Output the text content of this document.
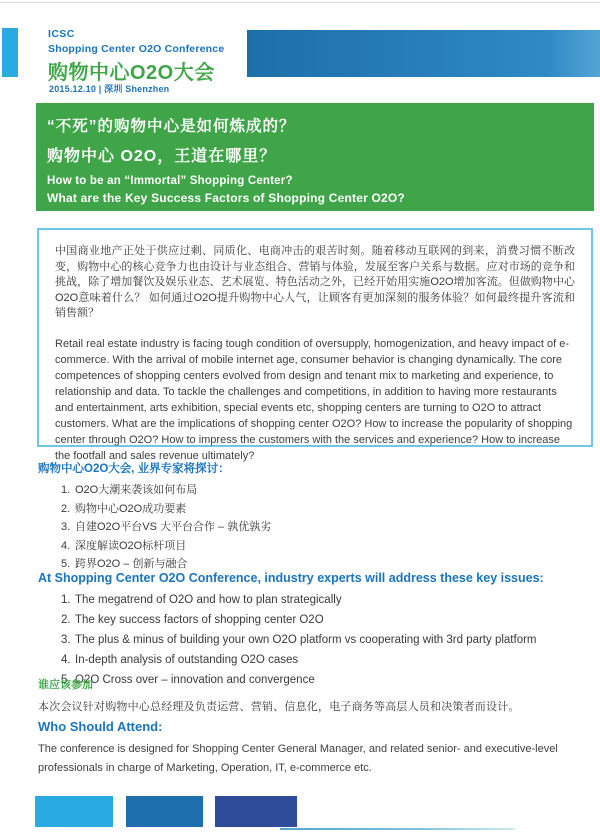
ICSC
Shopping Center O2O Conference
购物中心O2O大会
2015.12.10 | 深圳 Shenzhen
“不死”的购物中心是如何炼成的？
购物中心 O2O，王道在哪里？
How to be an “Immortal” Shopping Center?
What are the Key Success Factors of Shopping Center O2O?

中国商业地产正处于供应过剩、同质化、电商冲击的艰苦时刻。随着移动互联网的到来，消费习惯不断改变，购物中心的核心竞争力也由设计与业态组合、营销与体验，发展至客户关系与数据。应对市场的竞争和挑战，除了增加餐饮及娱乐业态、艺术展览、特色活动之外，已经开始用实施O2O增加客流。但做购物中心O2O意味着什么？ 如何通过O2O提升购物中心人气，让顾客有更加深刻的服务体验？如何最终提升客流和销售额？

Retail real estate industry is facing tough condition of oversupply, homogenization, and heavy impact of e-commerce. With the arrival of mobile internet age, consumer behavior is changing dynamically. The core competences of shopping centers evolved from design and tenant mix to marketing and experience, to relationship and data. To tackle the challenges and competitions, in addition to having more restaurants and entertainment, arts exhibition, special events etc, shopping centers are turning to O2O to attract customers. What are the implications of shopping center O2O? How to increase the popularity of shopping center through O2O? How to impress the customers with the services and experience? How to increase the footfall and sales revenue ultimately?

购物中心O2O大会, 业界专家将探讨：
O2O大潮来袭该如何布局
购物中心O2O成功要素
自建O2O平台VS 大平台合作 – 孰优孰劣
深度解读O2O标杆项目
跨界O2O – 创新与融合
At Shopping Center O2O Conference, industry experts will address these key issues:
The megatrend of O2O and how to plan strategically
The key success factors of shopping center O2O
The plus & minus of building your own O2O platform vs cooperating with 3rd party platform
In-depth analysis of outstanding O2O cases
O2O Cross over – innovation and convergence
谁应该参加
本次会议针对购物中心总经理及负责运营、营销、信息化，电子商务等高层人员和决策者而设计。
Who Should Attend:
The conference is designed for Shopping Center General Manager, and related senior- and executive-level professionals in charge of Marketing, Operation, IT, e-commerce etc.
